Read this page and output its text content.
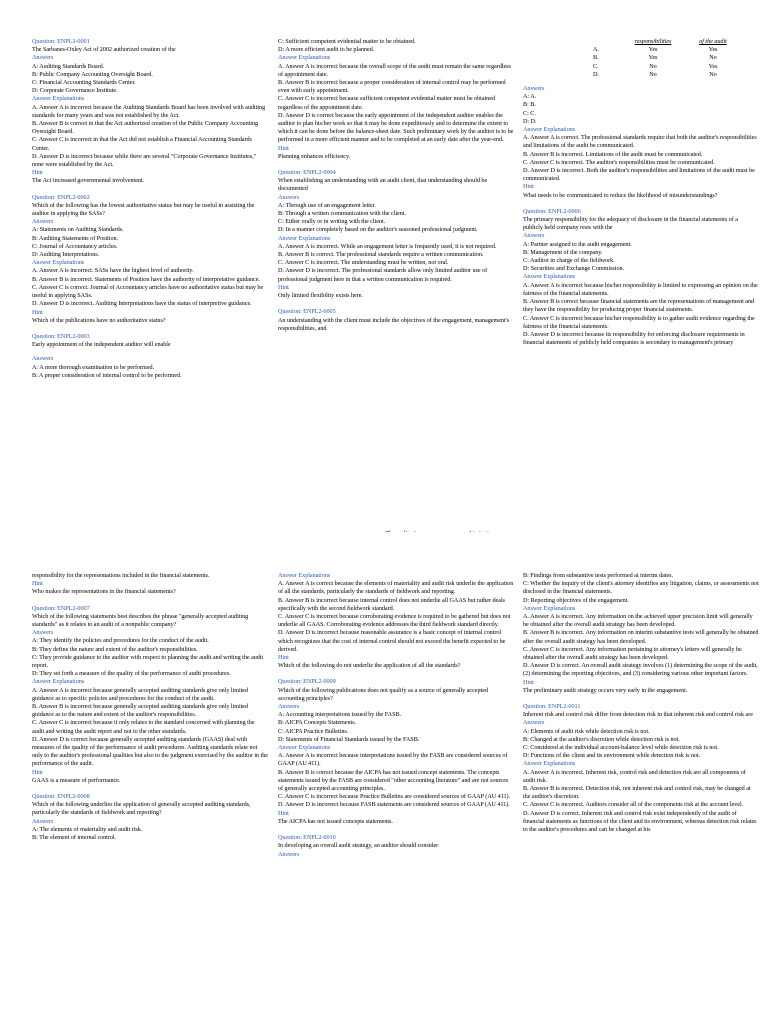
Question: ENPL2-0001
The Sarbanes-Oxley Act of 2002 authorized creation of the
Answers
A: Auditing Standards Board.
B: Public Company Accounting Oversight Board.
C: Financial Accounting Standards Center.
D: Corporate Governance Institute.
Answer Explanations
A. Answer A is incorrect because the Auditing Standards Board has been involved with auditing standards for many years and was not established by the Act.
B. Answer B is correct in that the Act authorized creation of the Public Company Accounting Oversight Board.
C. Answer C is incorrect in that the Act did not establish a Financial Accounting Standards Center.
D. Answer D is incorrect because while there are several "Corporate Governance Institutes," none were established by the Act.
Hint
The Act increased governmental involvement.
Question: ENPL2-0002
Which of the following has the lowest authoritative status but may be useful in assisting the auditor in applying the SASs?
Answers
A: Statements on Auditing Standards.
B: Auditing Statements of Position.
C: Journal of Accountancy articles.
D: Auditing Interpretations.
Answer Explanations
A. Answer A is incorrect. SASs have the highest level of authority.
B. Answer B is incorrect. Statements of Position have the authority of interpretative guidance.
C. Answer C is correct. Journal of Accountancy articles have no authoritative status but may be useful in applying SASs.
D. Answer D is incorrect. Auditing Interpretations have the status of interpretive guidance.
Hint
Which of the publications have no authoritative status?
Question: ENPL2-0003
Early appointment of the independent auditor will enable
Answers
A: A more thorough examination to be performed.
B: A proper consideration of internal control to be performed.
C: Sufficient competent evidential matter to be obtained.
D: A more efficient audit to be planned.
Answer Explanations
A. Answer A is incorrect because the overall scope of the audit must remain the same regardless of appointment date.
B. Answer B is incorrect because a proper consideration of internal control may be performed even with early appointment.
C. Answer C is incorrect because sufficient competent evidential matter must be obtained regardless of the appointment date.
D. Answer D is correct because the early appointment of the independent auditor enables the auditor to plan his/her work so that it may be done expeditiously and to determine the extent to which it can be done before the balance-sheet date. Such preliminary work by the auditor is to be performed in a more efficient manner and to be completed at an early date after the year-end.
Hint
Planning enhances efficiency.
Question: ENPL2-0004
When establishing an understanding with an audit client, that understanding should be documented
Answers
A: Through use of an engagement letter.
B: Through a written communication with the client.
C: Either orally or in writing with the client.
D: In a manner completely based on the auditor's seasoned professional judgment.
Answer Explanations
A. Answer A is incorrect. While an engagement letter is frequently used, it is not required.
B. Answer B is correct. The professional standards require a written communication.
C. Answer C is incorrect. The understanding must be written, not oral.
D. Answer D is incorrect. The professional standards allow only limited auditor use of professional judgment here in that a written communication is required.
Hint
Only limited flexibility exists here.
Question: ENPL2-0005
An understanding with the client must include the objectives of the engagement, management's responsibilities, and
	responsibilities	of the audit
A.	Yes	Yes
B.	Yes	No
C.	No	Yes
D.	No	No
Answers
A: A.
B: B.
C: C.
D: D.
Answer Explanations
A. Answer A is correct. The professional standards require that both the auditor's responsibilities and limitations of the audit be communicated.
B. Answer B is incorrect. Limitations of the audit must be communicated.
C. Answer C is incorrect. The auditor's responsibilities must be communicated.
D. Answer D is incorrect. Both the auditor's responsibilities and limitations of the audit must be communicated.
Hint
What needs to be communicated to reduce the likelihood of misunderstandings?
Question: ENPL2-0006
The primary responsibility for the adequacy of disclosure in the financial statements of a publicly held company rests with the
Answers
A: Partner assigned to the audit engagement.
B: Management of the company.
C: Auditor in charge of the fieldwork.
D: Securities and Exchange Commission.
Answer Explanations
A. Answer A is incorrect because his/her responsibility is limited to expressing an opinion on the fairness of the financial statements.
B. Answer B is correct because financial statements are the representations of management and they have the responsibility for producing proper financial statements.
C. Answer C is incorrect because his/her responsibility is to gather audit evidence regarding the fairness of the financial statements.
D. Answer D is incorrect because its responsibility for enforcing disclosure requirements in financial statements of publicly held companies is secondary to management's primary

responsibility for the representations included in the financial statements.
Hint
Who makes the representations in the financial statements?
Question: ENPL2-0007
Which of the following statements best describes the phrase "generally accepted auditing standards" as it relates to an audit of a nonpublic company?
Answers
A: They identify the policies and procedures for the conduct of the audit.
B: They define the nature and extent of the auditor's responsibilities.
C: They provide guidance to the auditor with respect to planning the audit and writing the audit report.
D: They set forth a measure of the quality of the performance of audit procedures.
Answer Explanations
A. Answer A is incorrect because generally accepted auditing standards give only limited guidance as to specific policies and procedures for the conduct of the audit.
B. Answer B is incorrect because generally accepted auditing standards give only limited guidance as to the nature and extent of the auditor's responsibilities.
C. Answer C is incorrect because it only relates to the standard concerned with planning the audit and writing the audit report and not to the other standards.
D. Answer D is correct because generally accepted auditing standards (GAAS) deal with measures of the quality of the performance of audit procedures. Auditing standards relate not only to the auditor's professional qualities but also to the judgment exercised by the auditor in the performance of the audit.
Hint
GAAS is a measure of performance.
Question: ENPL2-0008
Which of the following underlies the application of generally accepted auditing standards, particularly the standards of fieldwork and reporting?
Answers
A: The elements of materiality and audit risk.
B: The element of internal control.
Answer Explanations
A. Answer A is correct because the elements of materiality and audit risk underlie the application of all the standards, particularly the standards of fieldwork and reporting.
B. Answer B is incorrect because internal control does not underlie all GAAS but rather deals specifically with the second fieldwork standard.
C. Answer C is incorrect because corroborating evidence is required to be gathered but does not underlie all GAAS. Corroborating evidence addresses the third fieldwork standard directly.
D. Answer D is incorrect because reasonable assurance is a basic concept of internal control which recognizes that the cost of internal control should not exceed the benefit expected to be derived.
Hint
Which of the following do not underlie the application of all the standards?
Question: ENPL2-0009
Which of the following publications does not qualify as a source of generally accepted accounting principles?
Answers
A: Accounting interpretations issued by the FASB.
B: AICPA Concepts Statements.
C: AICPA Practice Bulletins.
D: Statements of Financial Standards issued by the FASB.
Answer Explanations
A. Answer A is incorrect because interpretations issued by the FASB are considered sources of GAAP (AU 411).
B. Answer B is correct because the AICPA has not issued concept statements. The concepts statements issued by the FASB are considered "other accounting literature" and are not sources of generally accepted accounting principles.
C. Answer C is incorrect because Practice Bulletins are considered sources of GAAP (AU 411).
D. Answer D is incorrect because FASB statements are considered sources of GAAP (AU 411).
Hint
The AICPA has not issued concepts statements.
Question: ENPL2-0010
In developing an overall audit strategy, an auditor should consider
Answers
B: Findings from substantive tests performed at interim dates.
C: Whether the inquiry of the client's attorney identifies any litigation, claims, or assessments not disclosed in the financial statements.
D: Reporting objectives of the engagement.
Answer Explanations
A. Answer A is incorrect. Any information on the achieved upper precision limit will generally be obtained after the overall audit strategy has been developed.
B. Answer B is incorrect. Any information on interim substantive tests will generally be obtained after the overall audit strategy has been developed.
C. Answer C is incorrect. Any information pertaining to attorney's letters will generally be obtained after the overall audit strategy has been developed.
D. Answer D is correct. An overall audit strategy involves (1) determining the scope of the audit, (2) determining the reporting objectives, and (3) considering various other important factors.
Hint
The preliminary audit strategy occurs very early in the engagement.
Question: ENPL2-0011
Inherent risk and control risk differ from detection risk in that inherent risk and control risk are
Answers
A: Elements of audit risk while detection risk is not.
B: Changed at the auditor's discretion while detection risk is not.
C: Considered at the individual account-balance level while detection risk is not.
D: Functions of the client and its environment while detection risk is not.
Answer Explanations
A. Answer A is incorrect. Inherent risk, control risk and detection risk are all components of audit risk.
B. Answer B is incorrect. Detection risk, not inherent risk and control risk, may be changed at the auditor's discretion.
C. Answer C is incorrect. Auditors consider all of the components risk at the account level.
D. Answer D is correct. Inherent risk and control risk exist independently of the audit of financial statements as functions of the client and its environment, whereas detection risk relates to the auditor's procedures and can be changed at his
